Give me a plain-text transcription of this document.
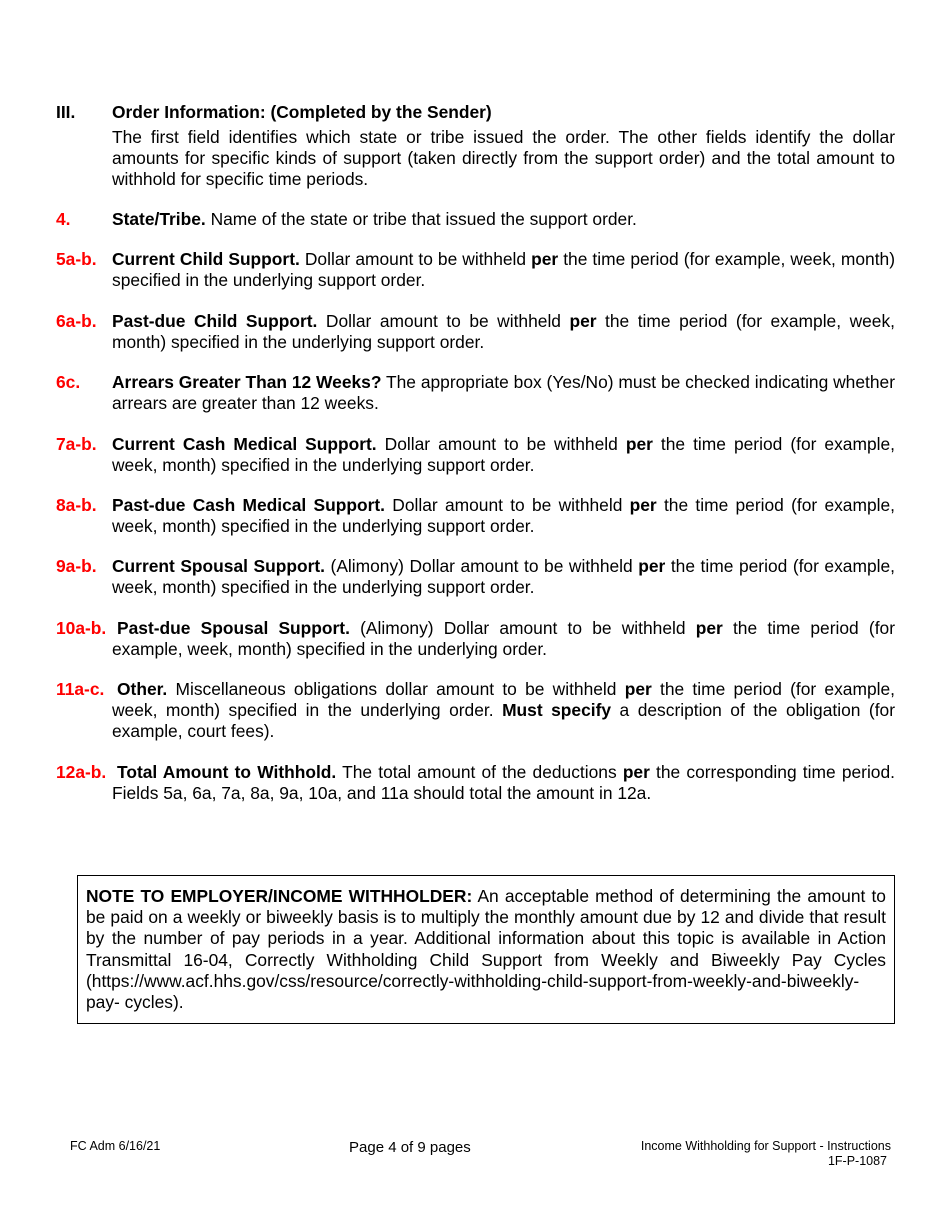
III. Order Information: (Completed by the Sender)
The first field identifies which state or tribe issued the order. The other fields identify the dollar amounts for specific kinds of support (taken directly from the support order) and the total amount to withhold for specific time periods.
4. State/Tribe. Name of the state or tribe that issued the support order.
5a-b. Current Child Support. Dollar amount to be withheld per the time period (for example, week, month) specified in the underlying support order.
6a-b. Past-due Child Support. Dollar amount to be withheld per the time period (for example, week, month) specified in the underlying support order.
6c. Arrears Greater Than 12 Weeks? The appropriate box (Yes/No) must be checked indicating whether arrears are greater than 12 weeks.
7a-b. Current Cash Medical Support. Dollar amount to be withheld per the time period (for example, week, month) specified in the underlying support order.
8a-b. Past-due Cash Medical Support. Dollar amount to be withheld per the time period (for example, week, month) specified in the underlying support order.
9a-b. Current Spousal Support. (Alimony) Dollar amount to be withheld per the time period (for example, week, month) specified in the underlying support order.
10a-b. Past-due Spousal Support. (Alimony) Dollar amount to be withheld per the time period (for example, week, month) specified in the underlying order.
11a-c. Other. Miscellaneous obligations dollar amount to be withheld per the time period (for example, week, month) specified in the underlying order. Must specify a description of the obligation (for example, court fees).
12a-b. Total Amount to Withhold. The total amount of the deductions per the corresponding time period. Fields 5a, 6a, 7a, 8a, 9a, 10a, and 11a should total the amount in 12a.
NOTE TO EMPLOYER/INCOME WITHHOLDER: An acceptable method of determining the amount to be paid on a weekly or biweekly basis is to multiply the monthly amount due by 12 and divide that result by the number of pay periods in a year. Additional information about this topic is available in Action Transmittal 16-04, Correctly Withholding Child Support from Weekly and Biweekly Pay Cycles (https://www.acf.hhs.gov/css/resource/correctly-withholding-child-support-from-weekly-and-biweekly-pay- cycles).
FC Adm 6/16/21	Page 4 of 9 pages	Income Withholding for Support - Instructions
1F-P-1087
